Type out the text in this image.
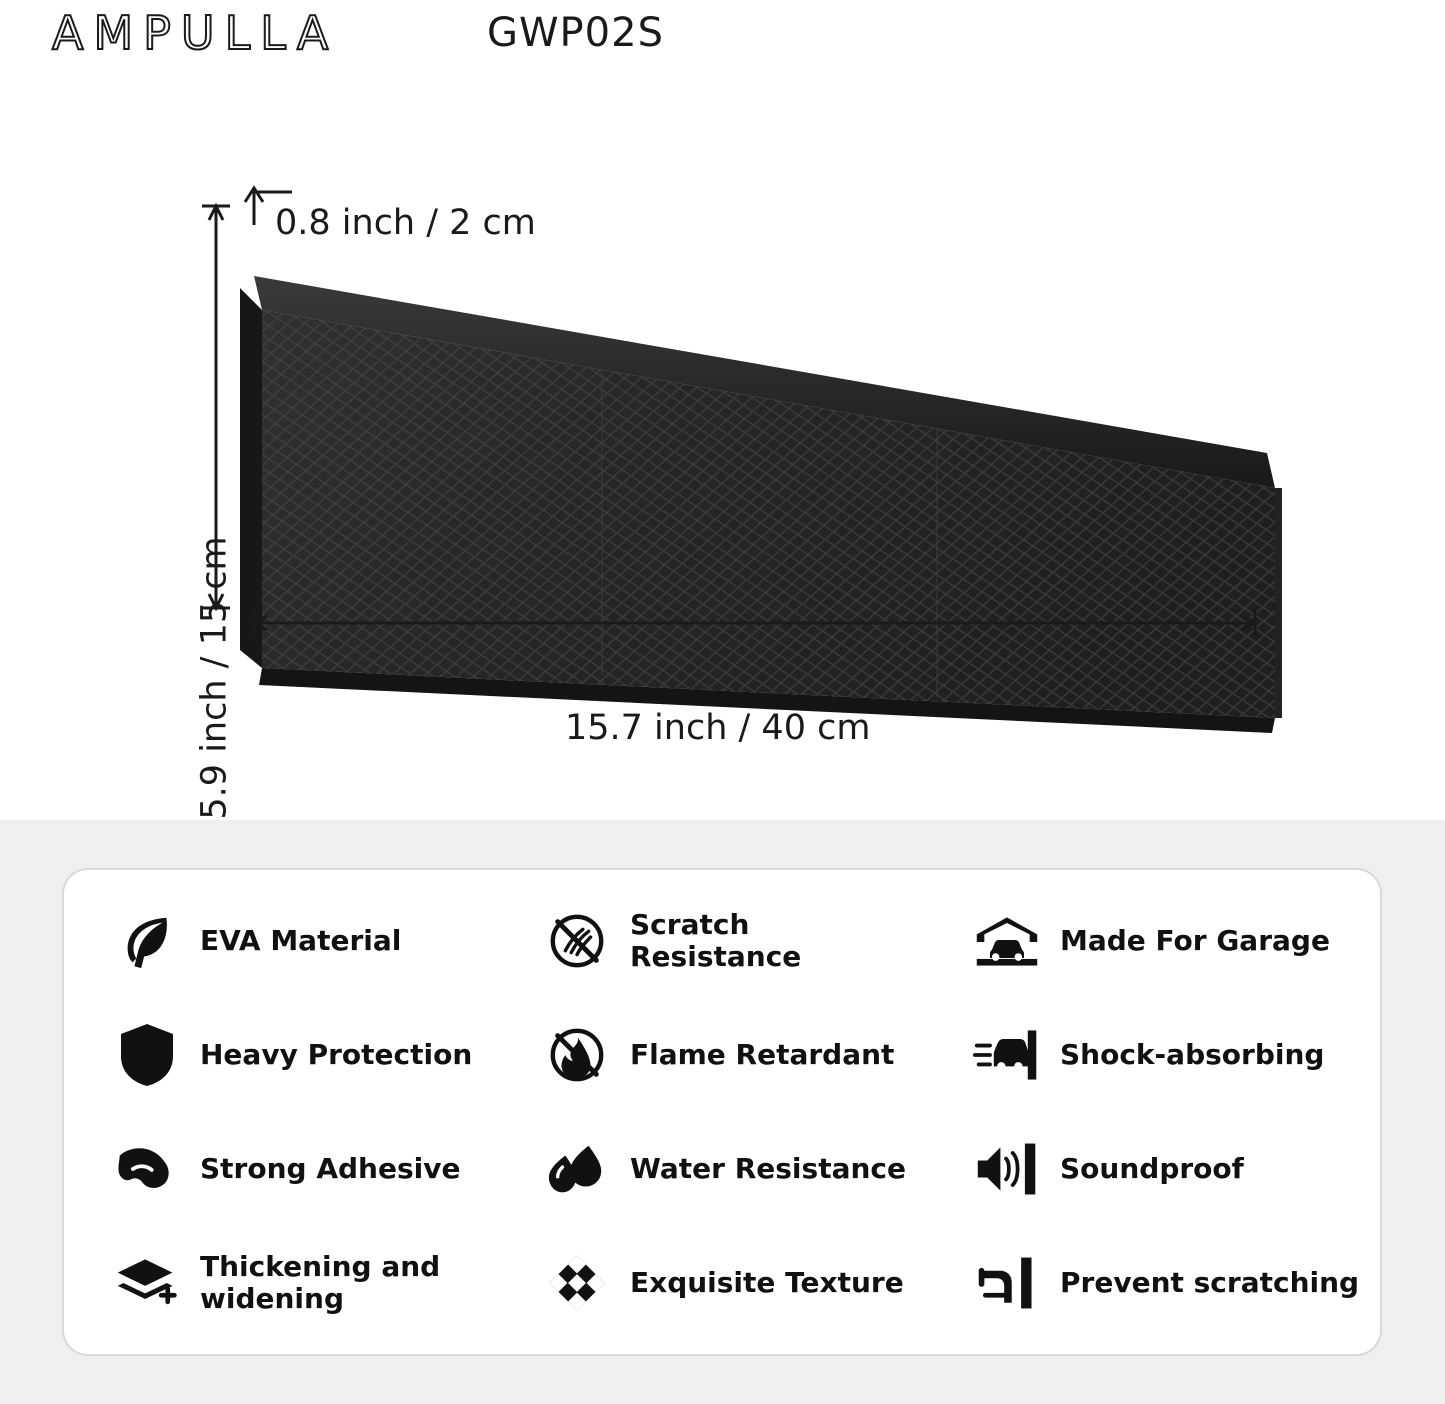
AMPULLA	GWP02S
0.8 inch / 2 cm
5.9 inch / 15 cm	15.7 inch / 40 cm
EVA Material	Scratch Resistance	Made For Garage
Heavy Protection	Flame Retardant	Shock-absorbing
Strong Adhesive	Water Resistance	Soundproof
Thickening and widening	Exquisite Texture	Prevent scratching
